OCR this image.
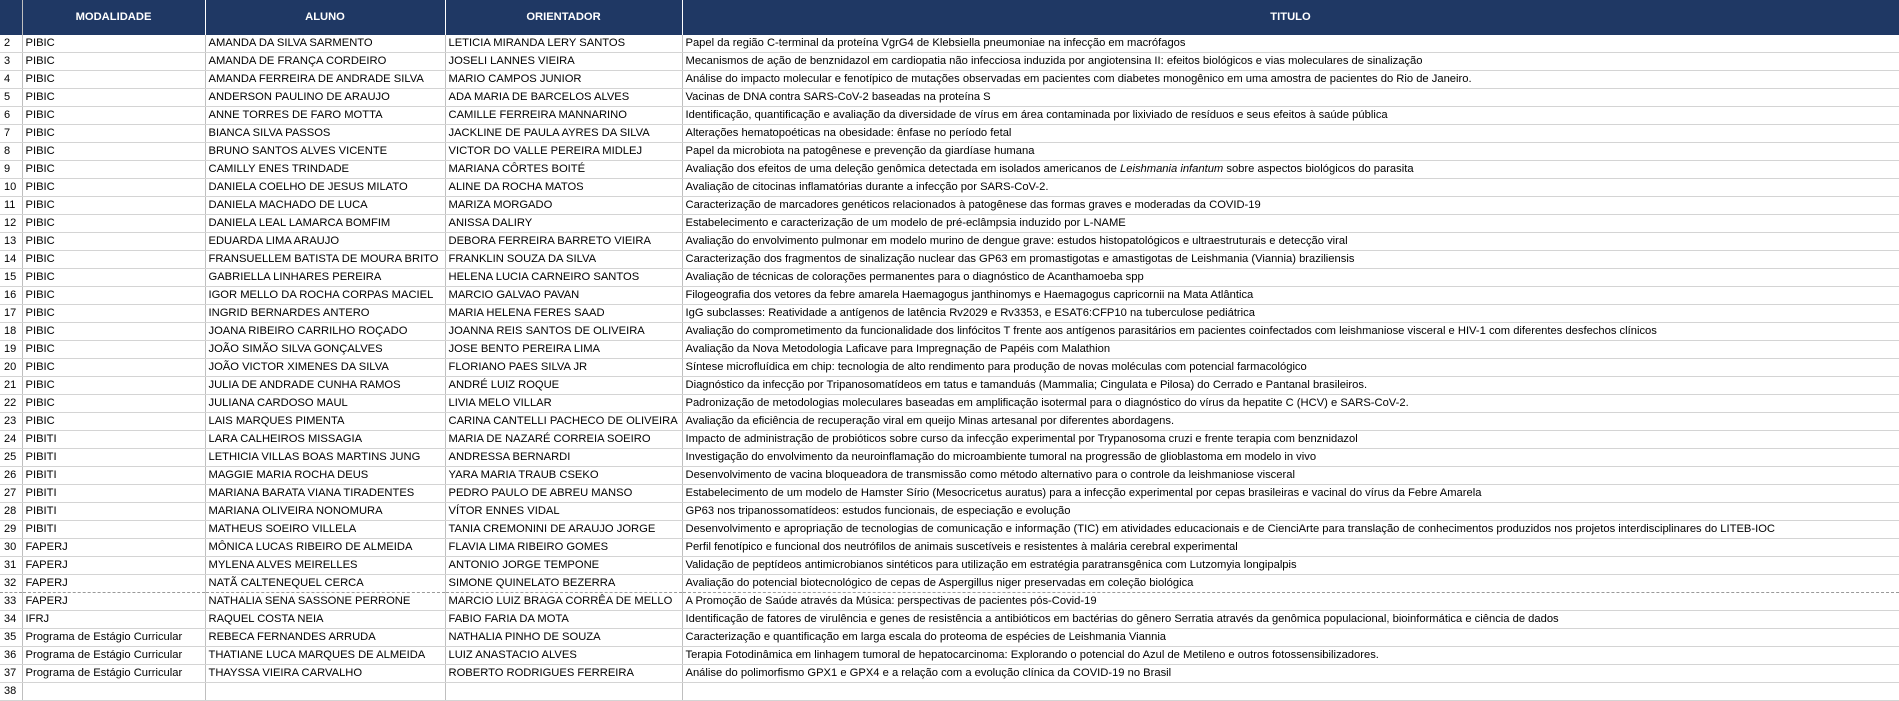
	MODALIDADE	ALUNO	ORIENTADOR	TITULO
2	PIBIC	AMANDA DA SILVA SARMENTO	LETICIA MIRANDA LERY SANTOS	Papel da região C-terminal da proteína VgrG4 de Klebsiella pneumoniae na infecção em macrófagos
3	PIBIC	AMANDA DE FRANÇA CORDEIRO	JOSELI LANNES VIEIRA	Mecanismos de ação de benznidazol em cardiopatia não infecciosa induzida por angiotensina II: efeitos biológicos e vias moleculares de sinalização
4	PIBIC	AMANDA FERREIRA DE ANDRADE SILVA	MARIO CAMPOS JUNIOR	Análise do impacto molecular e fenotípico de mutações observadas em pacientes com diabetes monogênico em uma amostra de pacientes do Rio de Janeiro.
5	PIBIC	ANDERSON PAULINO DE ARAUJO	ADA MARIA DE BARCELOS ALVES	Vacinas de DNA contra SARS-CoV-2 baseadas na proteína S
6	PIBIC	ANNE TORRES DE FARO MOTTA	CAMILLE FERREIRA MANNARINO	Identificação, quantificação e avaliação da diversidade de vírus em área contaminada por lixiviado de resíduos e seus efeitos à saúde pública
7	PIBIC	BIANCA SILVA PASSOS	JACKLINE DE PAULA AYRES DA SILVA	Alterações hematopoéticas na obesidade: ênfase no período fetal
8	PIBIC	BRUNO SANTOS ALVES VICENTE	VICTOR DO VALLE PEREIRA MIDLEJ	Papel da microbiota na patogênese e prevenção da giardíase humana
9	PIBIC	CAMILLY ENES TRINDADE	MARIANA CÔRTES BOITÉ	Avaliação dos efeitos de uma deleção genômica detectada em isolados americanos de Leishmania infantum sobre aspectos biológicos do parasita
10	PIBIC	DANIELA COELHO DE JESUS MILATO	ALINE DA ROCHA MATOS	Avaliação de citocinas inflamatórias durante a infecção por SARS-CoV-2.
11	PIBIC	DANIELA MACHADO DE LUCA	MARIZA MORGADO	Caracterização de marcadores genéticos relacionados à patogênese das formas graves e moderadas da COVID-19
12	PIBIC	DANIELA LEAL LAMARCA BOMFIM	ANISSA DALIRY	Estabelecimento e caracterização de um modelo de pré-eclâmpsia induzido por L-NAME
13	PIBIC	EDUARDA LIMA ARAUJO	DEBORA FERREIRA BARRETO VIEIRA	Avaliação do envolvimento pulmonar em modelo murino de dengue grave: estudos histopatológicos e ultraestruturais e detecção viral
14	PIBIC	FRANSUELLEM BATISTA DE MOURA BRITO	FRANKLIN SOUZA DA SILVA	Caracterização dos fragmentos de sinalização nuclear das GP63 em promastigotas e amastigotas de Leishmania (Viannia) braziliensis
15	PIBIC	GABRIELLA LINHARES PEREIRA	HELENA LUCIA CARNEIRO SANTOS	Avaliação de técnicas de colorações permanentes para o diagnóstico de Acanthamoeba spp
16	PIBIC	IGOR MELLO DA ROCHA CORPAS MACIEL	MARCIO GALVAO PAVAN	Filogeografia dos vetores da febre amarela Haemagogus janthinomys e Haemagogus capricornii na Mata Atlântica
17	PIBIC	INGRID BERNARDES ANTERO	MARIA HELENA FERES SAAD	IgG subclasses: Reatividade a antígenos de latência Rv2029 e Rv3353, e ESAT6:CFP10 na tuberculose pediátrica
18	PIBIC	JOANA RIBEIRO CARRILHO ROÇADO	JOANNA REIS SANTOS DE OLIVEIRA	Avaliação do comprometimento da funcionalidade dos linfócitos T frente aos antígenos parasitários em pacientes coinfectados com leishmaniose visceral e HIV-1 com diferentes desfechos clínicos
19	PIBIC	JOÃO SIMÃO SILVA GONÇALVES	JOSE BENTO PEREIRA LIMA	Avaliação da Nova Metodologia Laficave para Impregnação de Papéis com Malathion
20	PIBIC	JOÃO VICTOR XIMENES DA SILVA	FLORIANO PAES SILVA JR	Síntese microfluídica em chip: tecnologia de alto rendimento para produção de novas moléculas com potencial farmacológico
21	PIBIC	JULIA DE ANDRADE CUNHA RAMOS	ANDRÉ LUIZ ROQUE	Diagnóstico da infecção por Tripanosomatídeos em tatus e tamanduás (Mammalia; Cingulata e Pilosa) do Cerrado e Pantanal brasileiros.
22	PIBIC	JULIANA CARDOSO MAUL	LIVIA MELO VILLAR	Padronização de metodologias moleculares baseadas em amplificação isotermal para o diagnóstico do vírus da hepatite C (HCV) e SARS-CoV-2.
23	PIBIC	LAIS MARQUES PIMENTA	CARINA CANTELLI PACHECO DE OLIVEIRA	Avaliação da eficiência de recuperação viral em queijo Minas artesanal por diferentes abordagens.
24	PIBITI	LARA CALHEIROS MISSAGIA	MARIA DE NAZARÉ CORREIA SOEIRO	Impacto de administração de probióticos sobre curso da infecção experimental por Trypanosoma cruzi e frente terapia com benznidazol
25	PIBITI	LETHICIA VILLAS BOAS MARTINS JUNG	ANDRESSA BERNARDI	Investigação do envolvimento da neuroinflamação do microambiente tumoral na progressão de glioblastoma em modelo in vivo
26	PIBITI	MAGGIE MARIA ROCHA DEUS	YARA MARIA TRAUB CSEKO	Desenvolvimento de vacina bloqueadora de transmissão como método alternativo para o controle da leishmaniose visceral
27	PIBITI	MARIANA BARATA VIANA TIRADENTES	PEDRO PAULO DE ABREU MANSO	Estabelecimento de um modelo de Hamster Sírio (Mesocricetus auratus) para a infecção experimental por cepas brasileiras e vacinal do vírus da Febre Amarela
28	PIBITI	MARIANA OLIVEIRA NONOMURA	VÍTOR ENNES VIDAL	GP63 nos tripanossomatídeos: estudos funcionais, de especiação e evolução
29	PIBITI	MATHEUS SOEIRO VILLELA	TANIA CREMONINI DE ARAUJO JORGE	Desenvolvimento e apropriação de tecnologias de comunicação e informação (TIC) em atividades educacionais e de CienciArte para translação de conhecimentos produzidos nos projetos interdisciplinares do LITEB-IOC
30	FAPERJ	MÔNICA LUCAS RIBEIRO DE ALMEIDA	FLAVIA LIMA RIBEIRO GOMES	Perfil fenotípico e funcional dos neutrófilos de animais suscetíveis e resistentes à malária cerebral experimental
31	FAPERJ	MYLENA ALVES MEIRELLES	ANTONIO JORGE TEMPONE	Validação de peptídeos antimicrobianos sintéticos para utilização em estratégia paratransgênica com Lutzomyia longipalpis
32	FAPERJ	NATÃ CALTENEQUEL CERCA	SIMONE QUINELATO BEZERRA	Avaliação do potencial biotecnológico de cepas de Aspergillus niger preservadas em coleção biológica
33	FAPERJ	NATHALIA SENA SASSONE PERRONE	MARCIO LUIZ BRAGA CORRÊA DE MELLO	A Promoção de Saúde através da Música: perspectivas de pacientes pós-Covid-19
34	IFRJ	RAQUEL COSTA NEIA	FABIO FARIA DA MOTA	Identificação de fatores de virulência e genes de resistência a antibióticos em bactérias do gênero Serratia através da genômica populacional, bioinformática e ciência de dados
35	Programa de Estágio Curricular	REBECA FERNANDES ARRUDA	NATHALIA PINHO DE SOUZA	Caracterização e quantificação em larga escala do proteoma de espécies de Leishmania Viannia
36	Programa de Estágio Curricular	THATIANE LUCA MARQUES DE ALMEIDA	LUIZ ANASTACIO ALVES	Terapia Fotodinâmica em linhagem tumoral de hepatocarcinoma: Explorando o potencial do Azul de Metileno e outros fotossensibilizadores.
37	Programa de Estágio Curricular	THAYSSA VIEIRA CARVALHO	ROBERTO RODRIGUES FERREIRA	Análise do polimorfismo GPX1 e GPX4 e a relação com a evolução clínica da COVID-19 no Brasil
38				
